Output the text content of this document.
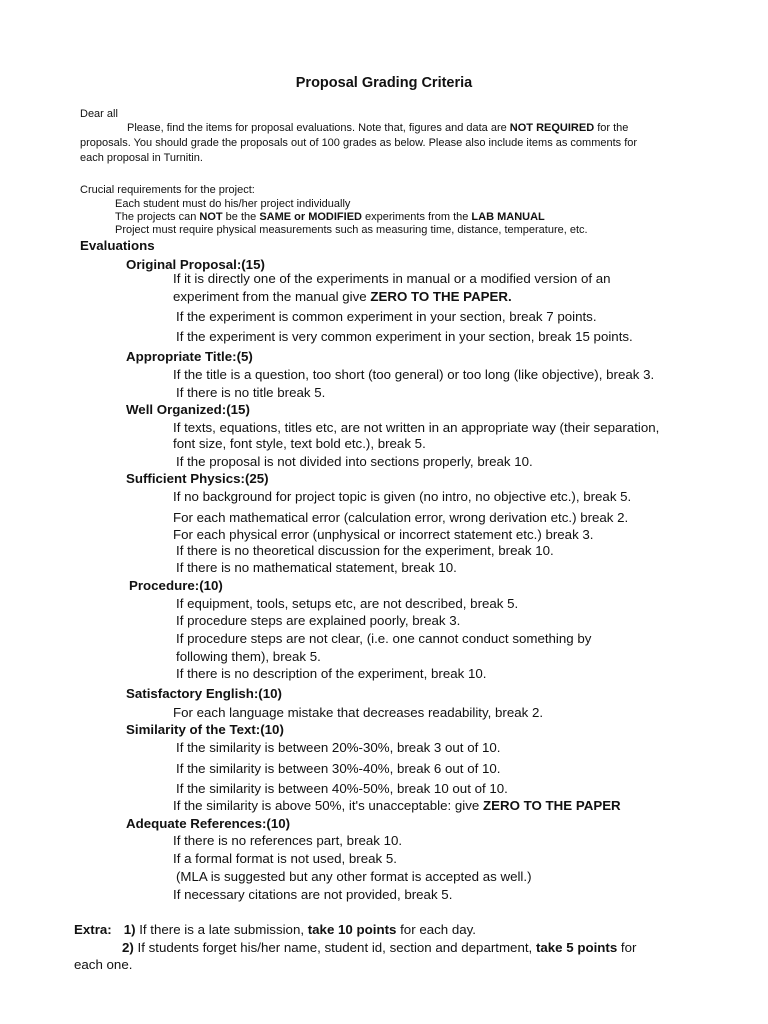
Proposal Grading Criteria
Dear all
Please, find the items for proposal evaluations. Note that, figures and data are NOT REQUIRED for the
proposals. You should grade the proposals out of 100 grades as below. Please also include items as comments for
each proposal in Turnitin.
Crucial requirements for the project:
Each student must do his/her project individually
The projects can NOT be the SAME or MODIFIED experiments from the LAB MANUAL
Project must require physical measurements such as measuring time, distance, temperature, etc.
Evaluations
Original Proposal:(15)
If it is directly one of the experiments in manual or a modified version of an
experiment from the manual give ZERO TO THE PAPER.
If the experiment is common experiment in your section, break 7 points.
If the experiment is very common experiment in your section, break 15 points.
Appropriate Title:(5)
If the title is a question, too short (too general) or too long (like objective), break 3.
If there is no title break 5.
Well Organized:(15)
If texts, equations, titles etc, are not written in an appropriate way (their separation,
font size, font style, text bold etc.), break 5.
If the proposal is not divided into sections properly, break 10.
Sufficient Physics:(25)
If no background for project topic is given (no intro, no objective etc.), break 5.
For each mathematical error (calculation error, wrong derivation etc.) break 2.
For each physical error (unphysical or incorrect statement etc.) break 3.
If there is no theoretical discussion for the experiment, break 10.
If there is no mathematical statement, break 10.
Procedure:(10)
If equipment, tools, setups etc, are not described, break 5.
If procedure steps are explained poorly, break 3.
If procedure steps are not clear, (i.e. one cannot conduct something by
following them), break 5.
If there is no description of the experiment, break 10.
Satisfactory English:(10)
For each language mistake that decreases readability, break 2.
Similarity of the Text:(10)
If the similarity is between 20%-30%, break 3 out of 10.
If the similarity is between 30%-40%, break 6 out of 10.
If the similarity is between 40%-50%, break 10 out of 10.
If the similarity is above 50%, it's unacceptable: give ZERO TO THE PAPER
Adequate References:(10)
If there is no references part, break 10.
If a formal format is not used, break 5.
(MLA is suggested but any other format is accepted as well.)
If necessary citations are not provided, break 5.
Extra: 1) If there is a late submission, take 10 points for each day.
2) If students forget his/her name, student id, section and department, take 5 points for
each one.
